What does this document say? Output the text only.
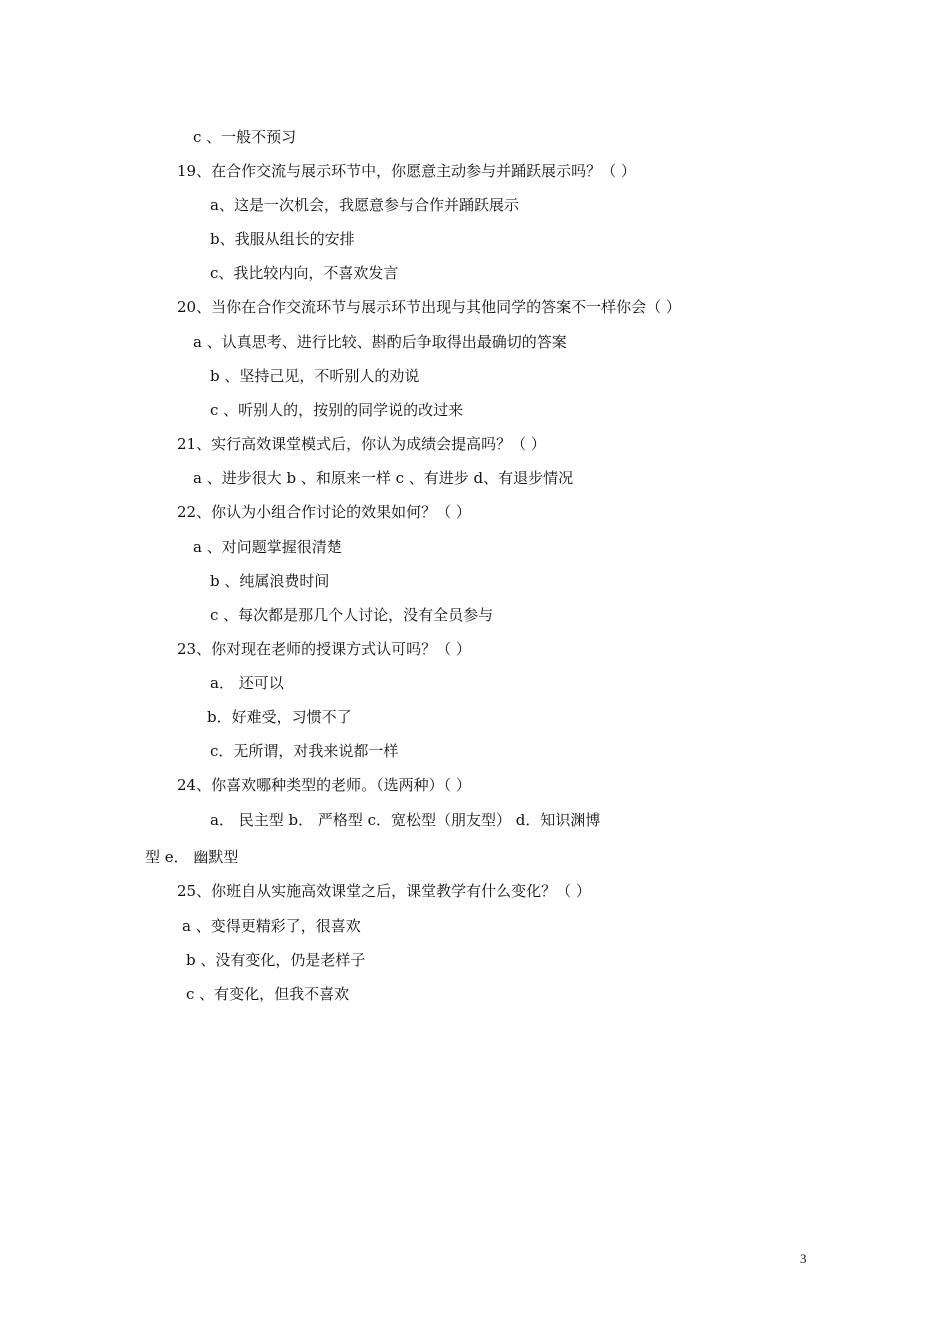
c 、一般不预习
19、在合作交流与展示环节中，你愿意主动参与并踊跃展示吗？（ ）
a、这是一次机会，我愿意参与合作并踊跃展示
b、我服从组长的安排
c、我比较内向，不喜欢发言
20、当你在合作交流环节与展示环节出现与其他同学的答案不一样你会（ ）
a 、认真思考、进行比较、斟酌后争取得出最确切的答案
b 、坚持己见，不听别人的劝说
c 、听别人的，按别的同学说的改过来
21、实行高效课堂模式后，你认为成绩会提高吗？（ ）
a 、进步很大 b 、和原来一样 c 、有进步 d、有退步情况
22、你认为小组合作讨论的效果如何？（ ）
a 、对问题掌握很清楚
b 、纯属浪费时间
c 、每次都是那几个人讨论，没有全员参与
23、你对现在老师的授课方式认可吗？（ ）
a． 还可以
b．好难受，习惯不了
c．无所谓，对我来说都一样
24、你喜欢哪种类型的老师。（选两种）（ ）
a． 民主型 b． 严格型 c．宽松型（朋友型） d．知识渊博
型 e． 幽默型
25、你班自从实施高效课堂之后，课堂教学有什么变化？（ ）
a 、变得更精彩了，很喜欢
b 、没有变化，仍是老样子
c 、有变化，但我不喜欢
3
